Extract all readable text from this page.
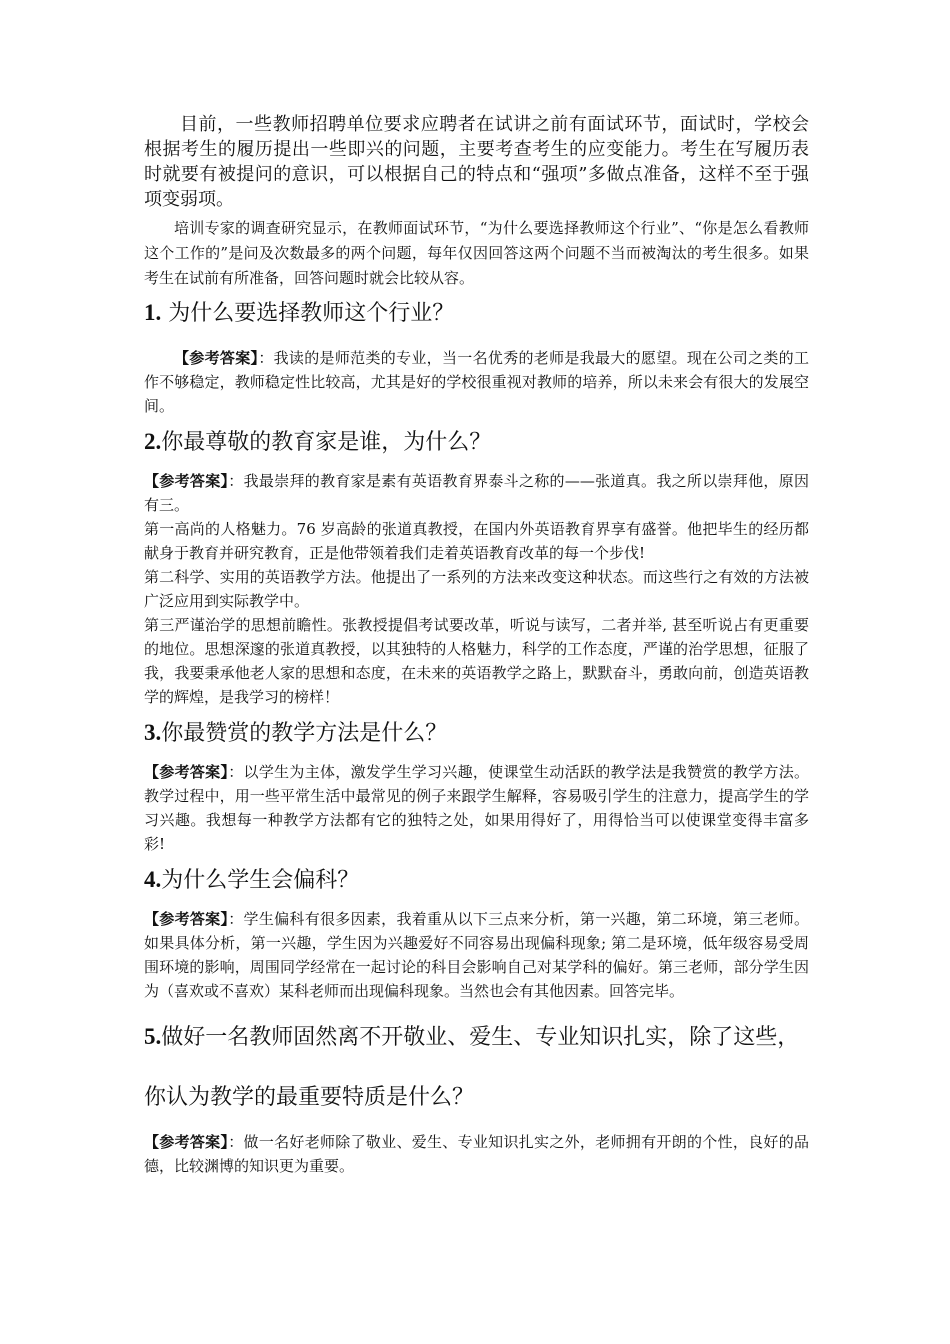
目前，一些教师招聘单位要求应聘者在试讲之前有面试环节，面试时，学校会根据考生的履历提出一些即兴的问题，主要考查考生的应变能力。考生在写履历表时就要有被提问的意识，可以根据自己的特点和“强项”多做点准备，这样不至于强项变弱项。

培训专家的调查研究显示，在教师面试环节，“为什么要选择教师这个行业”、“你是怎么看教师这个工作的”是问及次数最多的两个问题，每年仅因回答这两个问题不当而被淘汰的考生很多。如果考生在试前有所准备，回答问题时就会比较从容。

1. 为什么要选择教师这个行业？

【参考答案】：我读的是师范类的专业，当一名优秀的老师是我最大的愿望。现在公司之类的工作不够稳定，教师稳定性比较高，尤其是好的学校很重视对教师的培养，所以未来会有很大的发展空间。

2.你最尊敬的教育家是谁，为什么？

【参考答案】：我最崇拜的教育家是素有英语教育界泰斗之称的——张道真。我之所以崇拜他，原因有三。

第一高尚的人格魅力。76 岁高龄的张道真教授，在国内外英语教育界享有盛誉。他把毕生的经历都献身于教育并研究教育，正是他带领着我们走着英语教育改革的每一个步伐!

第二科学、实用的英语教学方法。他提出了一系列的方法来改变这种状态。而这些行之有效的方法被广泛应用到实际教学中。

第三严谨治学的思想前瞻性。张教授提倡考试要改革，听说与读写，二者并举, 甚至听说占有更重要的地位。思想深邃的张道真教授，以其独特的人格魅力，科学的工作态度，严谨的治学思想，征服了我，我要秉承他老人家的思想和态度，在未来的英语教学之路上，默默奋斗，勇敢向前，创造英语教学的辉煌，是我学习的榜样！

3.你最赞赏的教学方法是什么？

【参考答案】：以学生为主体，激发学生学习兴趣，使课堂生动活跃的教学法是我赞赏的教学方法。教学过程中，用一些平常生活中最常见的例子来跟学生解释，容易吸引学生的注意力，提高学生的学习兴趣。我想每一种教学方法都有它的独特之处，如果用得好了，用得恰当可以使课堂变得丰富多彩!

4.为什么学生会偏科？

【参考答案】：学生偏科有很多因素，我着重从以下三点来分析，第一兴趣，第二环境，第三老师。如果具体分析，第一兴趣，学生因为兴趣爱好不同容易出现偏科现象; 第二是环境，低年级容易受周围环境的影响，周围同学经常在一起讨论的科目会影响自己对某学科的偏好。第三老师，部分学生因为（喜欢或不喜欢）某科老师而出现偏科现象。当然也会有其他因素。回答完毕。

5.做好一名教师固然离不开敬业、爱生、专业知识扎实，除了这些，你认为教学的最重要特质是什么？

【参考答案】：做一名好老师除了敬业、爱生、专业知识扎实之外，老师拥有开朗的个性，良好的品德，比较渊博的知识更为重要。
